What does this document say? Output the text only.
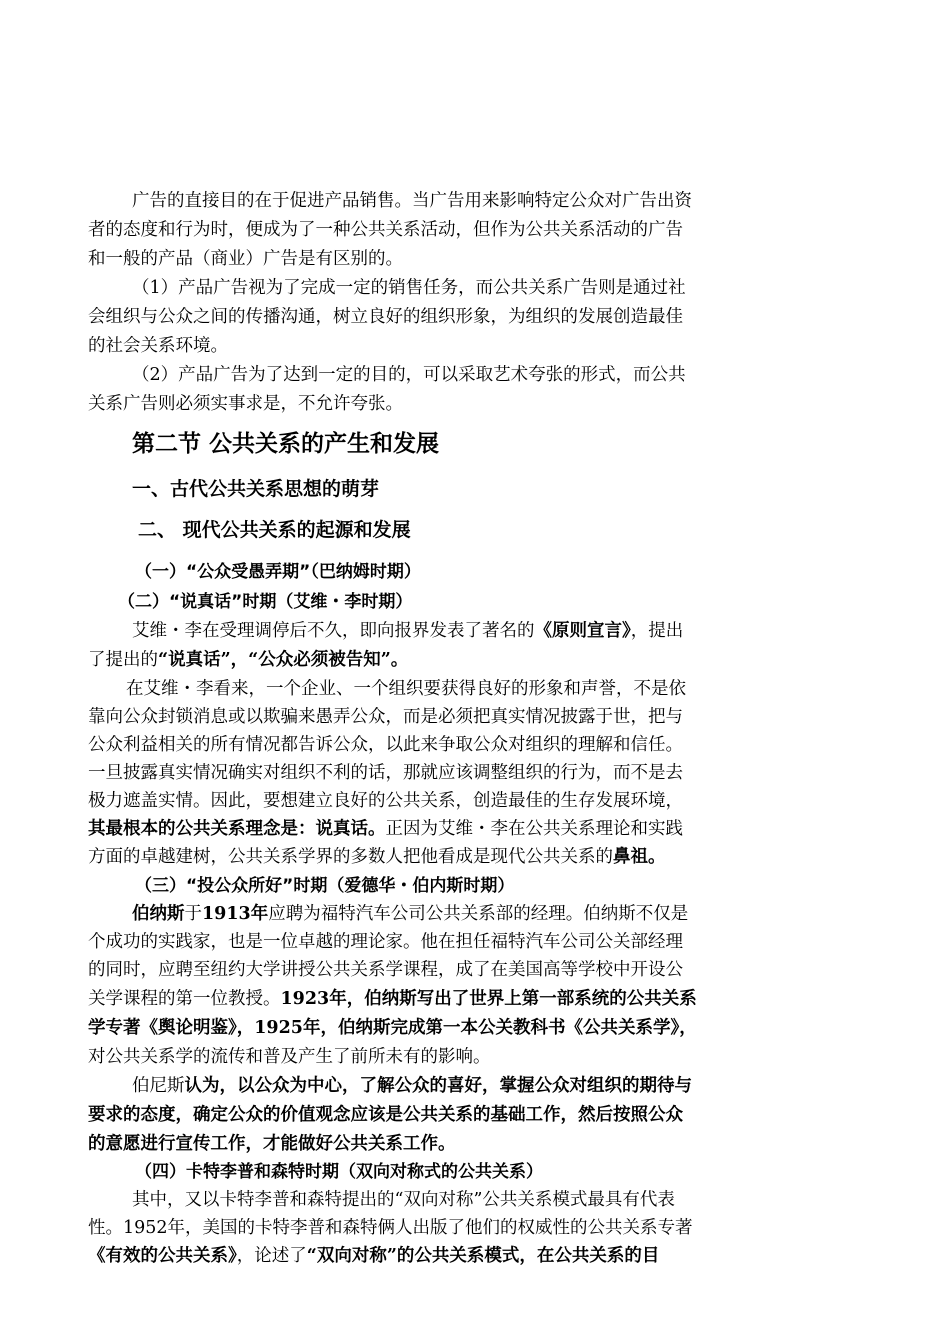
广告的直接目的在于促进产品销售。当广告用来影响特定公众对广告出资
者的态度和行为时，便成为了一种公共关系活动，但作为公共关系活动的广告
和一般的产品（商业）广告是有区别的。
（1）产品广告视为了完成一定的销售任务，而公共关系广告则是通过社
会组织与公众之间的传播沟通，树立良好的组织形象，为组织的发展创造最佳
的社会关系环境。
（2）产品广告为了达到一定的目的，可以采取艺术夸张的形式，而公共
关系广告则必须实事求是，不允许夸张。
第二节 公共关系的产生和发展
一、古代公共关系思想的萌芽
二、 现代公共关系的起源和发展
（一）“公众受愚弄期”（巴纳姆时期）
（二）“说真话”时期（艾维・李时期）
艾维・李在受理调停后不久，即向报界发表了著名的《原则宣言》，提出
了提出的“说真话”，“公众必须被告知”。
在艾维・李看来，一个企业、一个组织要获得良好的形象和声誉，不是依
靠向公众封锁消息或以欺骗来愚弄公众，而是必须把真实情况披露于世，把与
公众利益相关的所有情况都告诉公众，以此来争取公众对组织的理解和信任。
一旦披露真实情况确实对组织不利的话，那就应该调整组织的行为，而不是去
极力遮盖实情。因此，要想建立良好的公共关系，创造最佳的生存发展环境，
其最根本的公共关系理念是：说真话。正因为艾维・李在公共关系理论和实践
方面的卓越建树，公共关系学界的多数人把他看成是现代公共关系的鼻祖。
（三）“投公众所好”时期（爱德华・伯内斯时期）
伯纳斯于1913年应聘为福特汽车公司公共关系部的经理。伯纳斯不仅是
个成功的实践家，也是一位卓越的理论家。他在担任福特汽车公司公关部经理
的同时，应聘至纽约大学讲授公共关系学课程，成了在美国高等学校中开设公
关学课程的第一位教授。1923年，伯纳斯写出了世界上第一部系统的公共关系
学专著《舆论明鉴》，1925年，伯纳斯完成第一本公关教科书《公共关系学》，
对公共关系学的流传和普及产生了前所未有的影响。
伯尼斯认为，以公众为中心，了解公众的喜好，掌握公众对组织的期待与
要求的态度，确定公众的价值观念应该是公共关系的基础工作，然后按照公众
的意愿进行宣传工作，才能做好公共关系工作。
（四）卡特李普和森特时期（双向对称式的公共关系）
其中，又以卡特李普和森特提出的“双向对称”公共关系模式最具有代表
性。1952年，美国的卡特李普和森特俩人出版了他们的权威性的公共关系专著
《有效的公共关系》，论述了“双向对称”的公共关系模式，在公共关系的目
